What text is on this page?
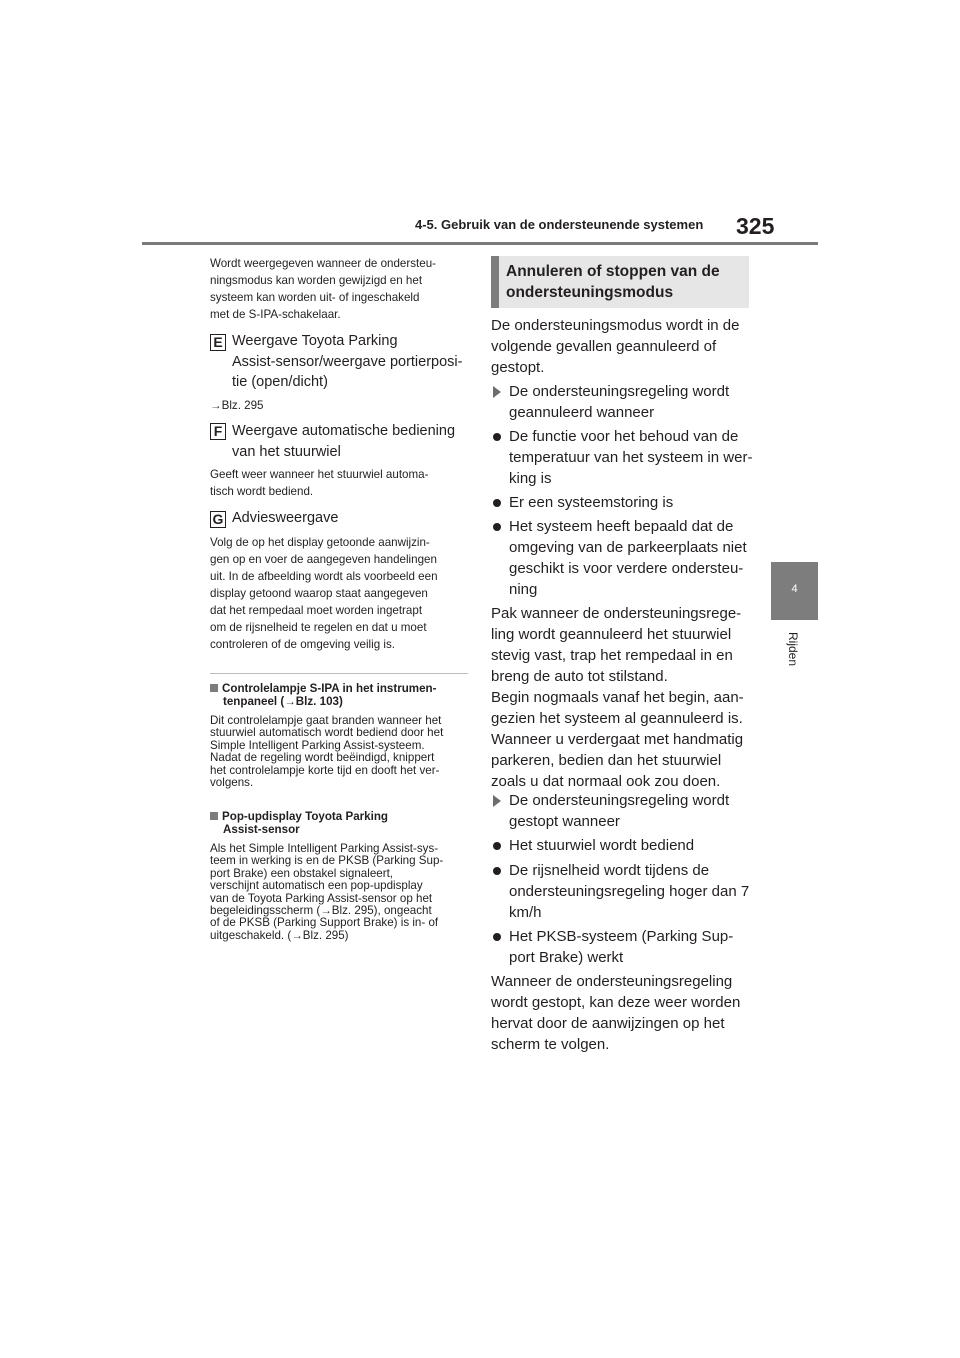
4-5. Gebruik van de ondersteunende systemen 325
4
Rijden
Wordt weergegeven wanneer de ondersteu-
ningsmodus kan worden gewijzigd en het
systeem kan worden uit- of ingeschakeld
met de S-IPA-schakelaar.
E Weergave Toyota Parking
Assist-sensor/weergave portierposi-
tie (open/dicht)
→Blz. 295
F Weergave automatische bediening
van het stuurwiel
Geeft weer wanneer het stuurwiel automa-
tisch wordt bediend.
G Adviesweergave
Volg de op het display getoonde aanwijzin-
gen op en voer de aangegeven handelingen
uit. In de afbeelding wordt als voorbeeld een
display getoond waarop staat aangegeven
dat het rempedaal moet worden ingetrapt
om de rijsnelheid te regelen en dat u moet
controleren of de omgeving veilig is.
Controlelampje S-IPA in het instrumen-
tenpaneel (→Blz. 103)
Dit controlelampje gaat branden wanneer het
stuurwiel automatisch wordt bediend door het
Simple Intelligent Parking Assist-systeem.
Nadat de regeling wordt beëindigd, knippert
het controlelampje korte tijd en dooft het ver-
volgens.
Pop-updisplay Toyota Parking
Assist-sensor
Als het Simple Intelligent Parking Assist-sys-
teem in werking is en de PKSB (Parking Sup-
port Brake) een obstakel signaleert,
verschijnt automatisch een pop-updisplay
van de Toyota Parking Assist-sensor op het
begeleidingsscherm (→Blz. 295), ongeacht
of de PKSB (Parking Support Brake) is in- of
uitgeschakeld. (→Blz. 295)
Annuleren of stoppen van de
ondersteuningsmodus
De ondersteuningsmodus wordt in de
volgende gevallen geannuleerd of
gestopt.
De ondersteuningsregeling wordt
geannuleerd wanneer
De functie voor het behoud van de
temperatuur van het systeem in wer-
king is
Er een systeemstoring is
Het systeem heeft bepaald dat de
omgeving van de parkeerplaats niet
geschikt is voor verdere ondersteu-
ning
Pak wanneer de ondersteuningsrege-
ling wordt geannuleerd het stuurwiel
stevig vast, trap het rempedaal in en
breng de auto tot stilstand.
Begin nogmaals vanaf het begin, aan-
gezien het systeem al geannuleerd is.
Wanneer u verdergaat met handmatig
parkeren, bedien dan het stuurwiel
zoals u dat normaal ook zou doen.
De ondersteuningsregeling wordt
gestopt wanneer
Het stuurwiel wordt bediend
De rijsnelheid wordt tijdens de
ondersteuningsregeling hoger dan 7
km/h
Het PKSB-systeem (Parking Sup-
port Brake) werkt
Wanneer de ondersteuningsregeling
wordt gestopt, kan deze weer worden
hervat door de aanwijzingen op het
scherm te volgen.
